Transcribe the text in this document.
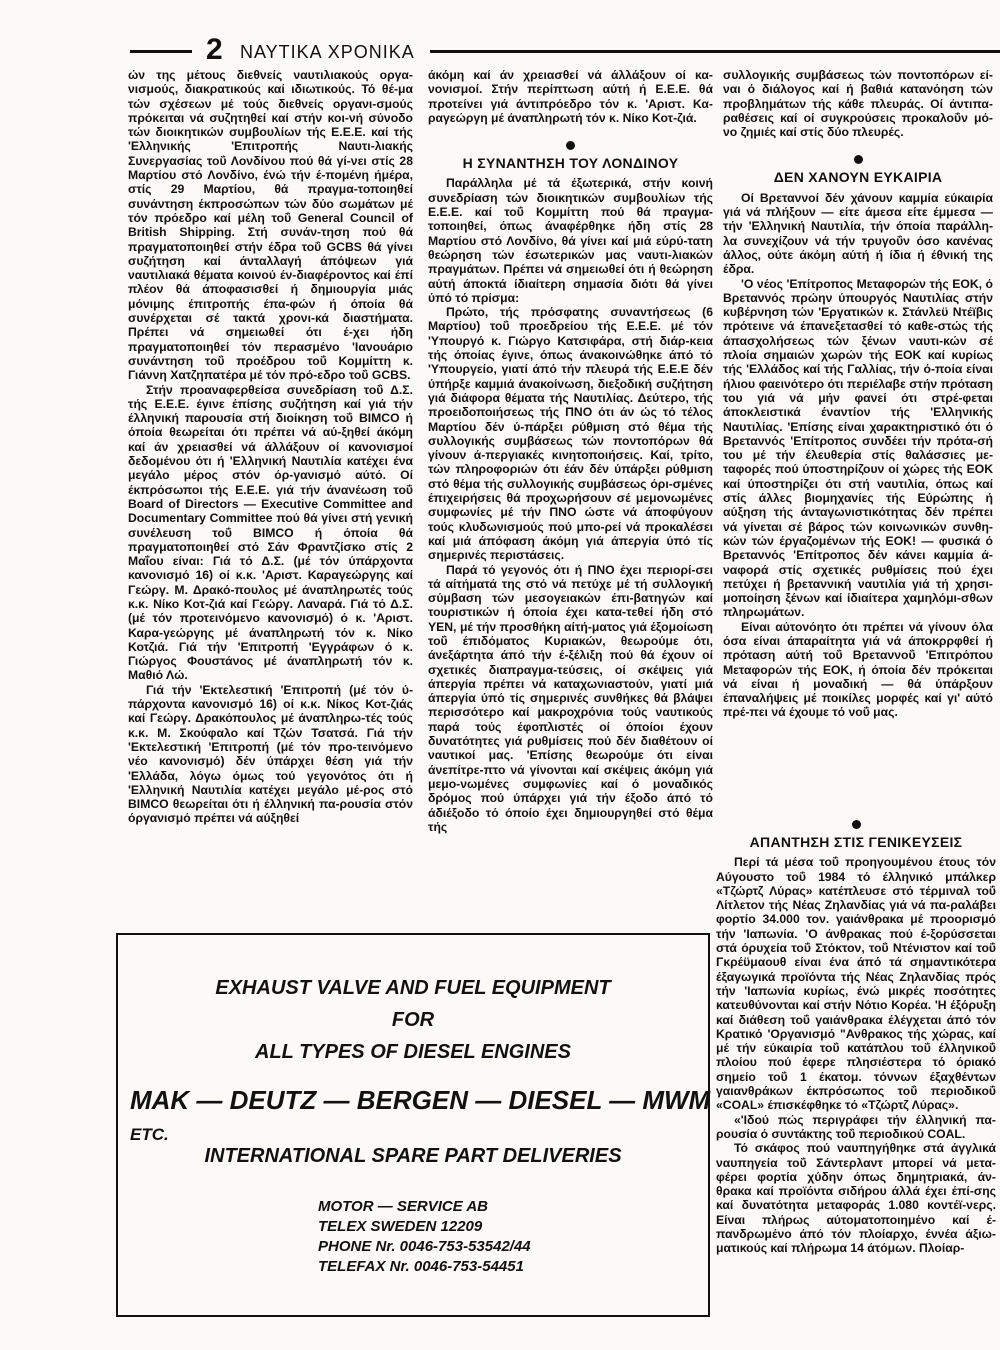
2 ΝΑΥΤΙΚΑ ΧΡΟΝΙΚΑ

ών της μέτους διεθνείς ναυτιλιακούς οργα-νισμούς, διακρατικούς καί ιδιωτικούς. Τό θέ-μα τών σχέσεων μέ τούς διεθνείς οργανι-σμούς πρόκειται νά συζητηθεί καί στήν κοι-νή σύνοδο τών διοικητικών συμβουλίων τής Ε.Ε.Ε. καί τής 'Ελληνικής 'Επιτροπής Ναυτι-λιακής Συνεργασίας τοΰ Λονδίνου πού θά γί-νει στίς 28 Μαρτίου στό Λονδίνο, ένώ τήν έ-πομένη ήμέρα, στίς 29 Μαρτίου, θά πραγμα-τοποιηθεί συνάντηση έκπροσώπων τών δύο σωμάτων μέ τόν πρόεδρο καί μέλη τοΰ General Council of British Shipping. Στή συνάν-τηση πού θά πραγματοποιηθεί στήν έδρα τοΰ GCBS θά γίνει συζήτηση καί άνταλλαγή άπόψεων γιά ναυτιλιακά θέματα κοινού έν-διαφέροντος καί έπί πλέον θά άποφασισθεί ή δημιουργία μιάς μόνιμης έπιτροπής έπα-φών ή όποία θά συνέρχεται σέ τακτά χρονι-κά διαστήματα. Πρέπει νά σημειωθεί ότι έ-χει ήδη πραγματοποιηθεί τόν περασμένο 'Ιανουάριο συνάντηση τοΰ προέδρου τοΰ Κομμίττη κ. Γιάννη Χατζηπατέρα μέ τόν πρό-εδρο τοΰ GCBS.

Στήν προαναφερθείσα συνεδρίαση τοΰ Δ.Σ. τής Ε.Ε.Ε. έγινε έπίσης συζήτηση καί γιά τήν έλληνική παρουσία στή διοίκηση τοΰ BIMCO ή όποία θεωρείται ότι πρέπει νά αύ-ξηθεί άκόμη καί άν χρειασθεί νά άλλάξουν οί κανονισμοί δεδομένου ότι ή 'Ελληνική Ναυτιλία κατέχει ένα μεγάλο μέρος στόν όρ-γανισμό αύτό. Οί έκπρόσωποι τής Ε.Ε.Ε. γιά τήν άνανέωση τοΰ Board of Directors — Executive Committee and Documentary Committee πού θά γίνει στή γενική συνέλευση τοΰ BIMCO ή όποία θά πραγματοποιηθεί στό Σάν Φραντζίσκο στίς 2 Μαΐου είναι: Γιά τό Δ.Σ. (μέ τόν ύπάρχοντα κανονισμό 16) οί κ.κ. 'Αριστ. Καραγεώργης καί Γεώργ. Μ. Δρακό-πουλος μέ άναπληρωτές τούς κ.κ. Νίκο Κοτ-ζιά καί Γεώργ. Λαναρά. Γιά τό Δ.Σ. (μέ τόν προτεινόμενο κανονισμό) ό κ. 'Αριστ. Καρα-γεώργης μέ άναπληρωτή τόν κ. Νίκο Κοτζιά. Γιά τήν 'Επιτροπή 'Εγγράφων ό κ. Γιώργος Φουστάνος μέ άναπληρωτή τόν κ. Μαθιό Λώ.

Γιά τήν 'Εκτελεστική 'Επιτροπή (μέ τόν ύ-πάρχοντα κανονισμό 16) οί κ.κ. Νίκος Κοτ-ζιάς καί Γεώργ. Δρακόπουλος μέ άναπληρω-τές τούς κ.κ. Μ. Σκούφαλο καί Τζών Τσατσά. Γιά τήν 'Εκτελεστική 'Επιτροπή (μέ τόν προ-τεινόμενο νέο κανονισμό) δέν ύπάρχει θέση γιά τήν 'Ελλάδα, λόγω όμως τού γεγονότος ότι ή 'Ελληνική Ναυτιλία κατέχει μεγάλο μέ-ρος στό BIMCO θεωρείται ότι ή έλληνική πα-ρουσία στόν όργανισμό πρέπει νά αύξηθεί

άκόμη καί άν χρειασθεί νά άλλάξουν οί κα-νονισμοί. Στήν περίπτωση αύτή ή Ε.Ε.Ε. θά προτείνει γιά άντιπρόεδρο τόν κ. 'Αριστ. Κα-ραγεώργη μέ άναπληρωτή τόν κ. Νίκο Κοτ-ζιά.

Η ΣΥΝΑΝΤΗΣΗ ΤΟΥ ΛΟΝΔΙΝΟΥ

Παράλληλα μέ τά έξωτερικά, στήν κοινή συνεδρίαση τών διοικητικών συμβουλίων τής Ε.Ε.Ε. καί τοΰ Κομμίττη πού θά πραγμα-τοποιηθεί, όπως άναφέρθηκε ήδη στίς 28 Μαρτίου στό Λονδίνο, θά γίνει καί μιά εύρύ-τατη θεώρηση τών έσωτερικών μας ναυτι-λιακών πραγμάτων. Πρέπει νά σημειωθεί ότι ή θεώρηση αύτή άποκτά ίδιαίτερη σημασία διότι θά γίνει ύπό τό πρίσμα:

Πρώτο, τής πρόσφατης συναντήσεως (6 Μαρτίου) τοΰ προεδρείου τής Ε.Ε.Ε. μέ τόν 'Υπουργό κ. Γιώργο Κατσιφάρα, στή διάρ-κεια τής όποίας έγινε, όπως άνακοινώθηκε άπό τό 'Υπουργείο, γιατί άπό τήν πλευρά τής Ε.Ε.Ε δέν ύπήρξε καμμιά άνακοίνωση, διεξοδική συζήτηση γιά διάφορα θέματα τής Ναυτιλίας. Δεύτερο, τής προειδοποιήσεως τής ΠΝΟ ότι άν ώς τό τέλος Μαρτίου δέν ύ-πάρξει ρύθμιση στό θέμα τής συλλογικής συμβάσεως τών ποντοπόρων θά γίνουν ά-περγιακές κινητοποιήσεις. Καί, τρίτο, τών πληροφοριών ότι έάν δέν ύπάρξει ρύθμιση στό θέμα τής συλλογικής συμβάσεως όρι-σμένες έπιχειρήσεις θά προχωρήσουν σέ μεμονωμένες συμφωνίες μέ τήν ΠΝΟ ώστε νά άποφύγουν τούς κλυδωνισμούς πού μπο-ρεί νά προκαλέσει καί μιά άπόφαση άκόμη γιά άπεργία ύπό τίς σημερινές περιστάσεις.

Παρά τό γεγονός ότι ή ΠΝΟ έχει περιορί-σει τά αίτήματά της στό νά πετύχε μέ τή συλλογική σύμβαση τών μεσογειακών έπι-βατηγών καί τουριστικών ή όποία έχει κατα-τεθεί ήδη στό ΥΕΝ, μέ τήν προσθήκη αίτή-ματος γιά έξομοίωση τοΰ έπιδόματος Κυριακών, θεωρούμε ότι, άνεξάρτητα άπό τήν έ-ξέλιξη πού θά έχουν οί σχετικές διαπραγμα-τεύσεις, οί σκέψεις γιά άπεργία πρέπει νά καταχωνιαστούν, γιατί μιά άπεργία ύπό τίς σημερινές συνθήκες θά βλάψει περισσότερο καί μακροχρόνια τούς ναυτικούς παρά τούς έφοπλιστές οί όποίοι έχουν δυνατότητες γιά ρυθμίσεις πού δέν διαθέτουν οί ναυτικοί μας. 'Επίσης θεωρούμε ότι είναι άνεπίτρε-πτο νά γίνονται καί σκέψεις άκόμη γιά μεμο-νωμένες συμφωνίες καί ό μοναδικός δρόμος πού ύπάρχει γιά τήν έξοδο άπό τό άδιέξοδο τό όποίο έχει δημιουργηθεί στό θέμα τής

συλλογικής συμβάσεως τών ποντοπόρων εί-ναι ό διάλογος καί ή βαθιά κατανόηση τών προβλημάτων τής κάθε πλευράς. Οί άντιπα-ραθέσεις καί οί συγκρούσεις προκαλοΰν μό-νο ζημιές καί στίς δύο πλευρές.

ΔΕΝ ΧΑΝΟΥΝ ΕΥΚΑΙΡΙΑ

Οί Βρεταννοί δέν χάνουν καμμία εύκαιρία γιά νά πλήξουν — είτε άμεσα είτε έμμεσα — τήν 'Ελληνική Ναυτιλία, τήν όποία παράλλη-λα συνεχίζουν νά τήν τρυγοΰν όσο κανένας άλλος, ούτε άκόμη αύτή ή ίδια ή έθνική της έδρα.

'Ο νέος 'Επίτροπος Μεταφορών τής ΕΟΚ, ό Βρεταννός πρώην ύπουργός Ναυτιλίας στήν κυβέρνηση τών 'Εργατικών κ. Στάνλεϋ Ντέϊβις πρότεινε νά έπανεξετασθεί τό καθε-στώς τής άπασχολήσεως τών ξένων ναυτι-κών σέ πλοία σημαιών χωρών τής ΕΟΚ καί κυρίως τής 'Ελλάδος καί τής Γαλλίας, τήν ό-ποία είναι ήλιου φαεινότερο ότι περιέλαβε στήν πρόταση του γιά νά μήν φανεί ότι στρέ-φεται άποκλειστικά έναντίον τής 'Ελληνικής Ναυτιλίας. 'Επίσης είναι χαρακτηριστικό ότι ό Βρεταννός 'Επίτροπος συνδέει τήν πρότα-σή του μέ τήν έλευθερία στίς θαλάσσιες με-ταφορές πού ύποστηρίζουν οί χώρες τής ΕΟΚ καί ύποστηρίζει ότι στή ναυτιλία, όπως καί στίς άλλες βιομηχανίες τής Εύρώπης ή αύξηση τής άνταγωνιστικότητας δέν πρέπει νά γίνεται σέ βάρος τών κοινωνικών συνθη-κών τών έργαζομένων τής ΕΟΚ! — φυσικά ό Βρεταννός 'Επίτροπος δέν κάνει καμμία ά-ναφορά στίς σχετικές ρυθμίσεις πού έχει πετύχει ή βρεταννική ναυτιλία γιά τή χρησι-μοποίηση ξένων καί ίδιαίτερα χαμηλόμι-σθων πληρωμάτων.

Είναι αύτονόητο ότι πρέπει νά γίνουν όλα όσα είναι άπαραίτητα γιά νά άποκρρφθεί ή πρόταση αύτή τοΰ Βρεταννοΰ 'Επιτρόπου Μεταφορών τής ΕΟΚ, ή όποία δέν πρόκειται νά είναι ή μοναδική — θά ύπάρξουν έπαναλήψεις μέ ποικίλες μορφές καί γι' αύτό πρέ-πει νά έχουμε τό νοΰ μας.

ΑΠΑΝΤΗΣΗ ΣΤΙΣ ΓΕΝΙΚΕΥΣΕΙΣ

Περί τά μέσα τοΰ προηγουμένου έτους τόν Αύγουστο τοΰ 1984 τό έλληνικό μπάλκερ «Τζώρτζ Λύρας» κατέπλευσε στό τέρμιναλ τοΰ Λίτλετον τής Νέας Ζηλανδίας γιά νά πα-ραλάβει φορτίο 34.000 τον. γαιάνθρακα μέ προορισμό τήν 'Ιαπωνία. 'Ο άνθρακας πού έ-ξορύσσεται στά όρυχεία τοΰ Στόκτον, τοΰ Ντένιστον καί τοΰ Γκρέϋμαουθ είναι ένα άπό τά σημαντικότερα έξαγωγικά προϊόντα τής Νέας Ζηλανδίας πρός τήν 'Ιαπωνία κυρίως, ένώ μικρές ποσότητες κατευθύνονται καί στήν Νότιο Κορέα. 'Η έξόρυξη καί διάθεση τοΰ γαιάνθρακα έλέγχεται άπό τόν Κρατικό 'Οργανισμό "Ανθρακος τής χώρας, καί μέ τήν εύκαιρία τοΰ κατάπλου τοΰ έλληνικοΰ πλοίου πού έφερε πλησιέστερα τό όριακό σημείο τοΰ 1 έκατομ. τόννων έξαχθέντων γαιανθράκων έκπρόσωπος τοΰ περιοδικοΰ «COAL» έπισκέφθηκε τό «Τζώρτζ Λύρας».

«'Ιδού πώς περιγράφει τήν έλληνική πα-ρουσία ό συντάκτης τοΰ περιοδικού COAL.

Τό σκάφος πού ναυπηγήθηκε στά άγγλικά ναυπηγεία τοΰ Σάντερλαντ μπορεί νά μετα-φέρει φορτία χύδην όπως δημητριακά, άν-θρακα καί προϊόντα σιδήρου άλλά έχει έπί-σης καί δυνατότητα μεταφοράς 1.080 κοντέϊ-νερς. Είναι πλήρως αύτοματοποιημένο καί έ-πανδρωμένο άπό τόν πλοίαρχο, έννέα άξιω-ματικούς καί πλήρωμα 14 άτόμων. Πλοίαρ-

EXHAUST VALVE AND FUEL EQUIPMENT
FOR
ALL TYPES OF DIESEL ENGINES
MAK — DEUTZ — BERGEN — DIESEL — MWM ETC.
INTERNATIONAL SPARE PART DELIVERIES
MOTOR — SERVICE AB
TELEX SWEDEN 12209
PHONE Nr. 0046-753-53542/44
TELEFAX Nr. 0046-753-54451
